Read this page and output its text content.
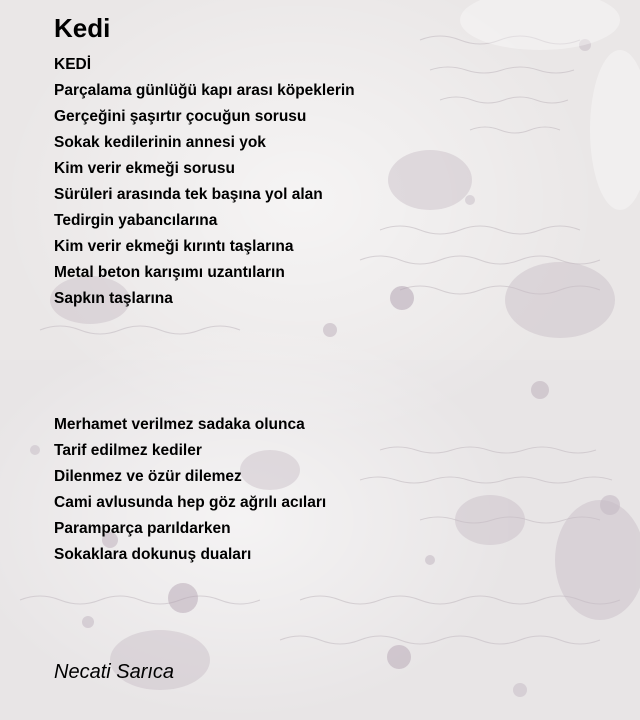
Kedi
KEDİ
Parçalama günlüğü kapı arası köpeklerin
Gerçeğini şaşırtır çocuğun sorusu
Sokak kedilerinin annesi yok
Kim verir ekmeği sorusu
Sürüleri arasında tek başına yol alan
Tedirgin yabancılarına
Kim verir ekmeği kırıntı taşlarına
Metal beton karışımı uzantıların
Sapkın taşlarına
Merhamet verilmez sadaka olunca
Tarif edilmez kediler
Dilenmez ve özür dilemez
Cami avlusunda hep göz ağrılı acıları
Paramparça parıldarken
Sokaklara dokunuş duaları
Necati Sarıca
